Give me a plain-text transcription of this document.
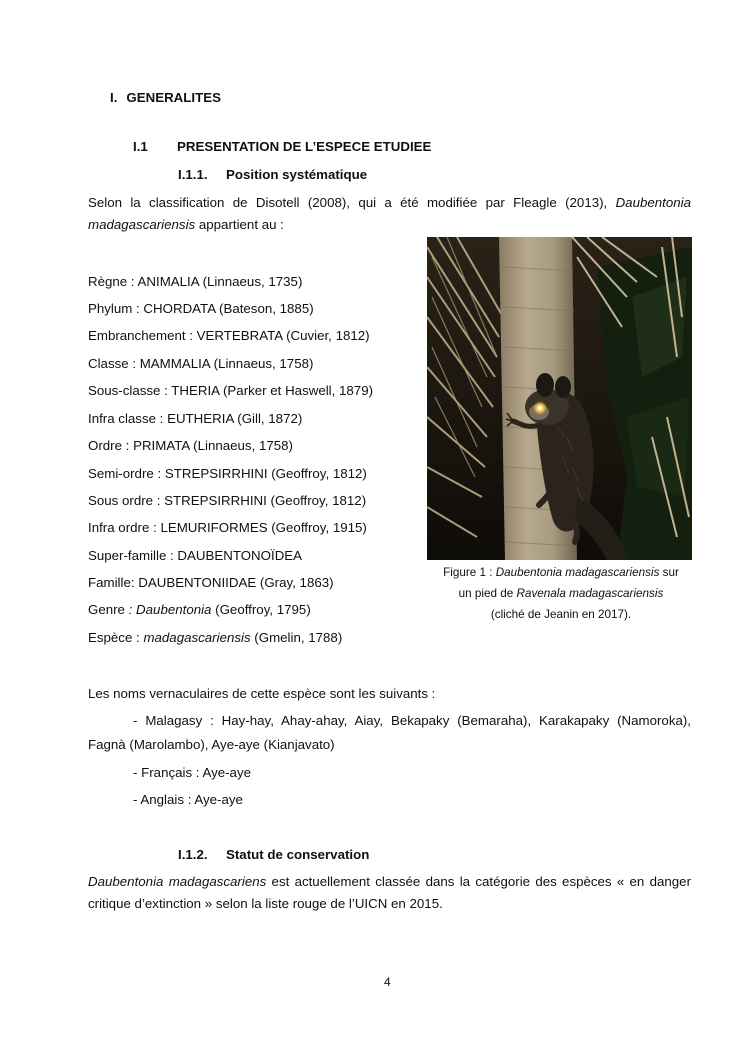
I. GENERALITES
I.1 PRESENTATION DE L’ESPECE ETUDIEE
I.1.1. Position systématique
Selon la classification de Disotell (2008), qui a été modifiée par Fleagle (2013), Daubentonia madagascariensis appartient au :
Règne : ANIMALIA (Linnaeus, 1735)
Phylum : CHORDATA (Bateson, 1885)
Embranchement : VERTEBRATA (Cuvier, 1812)
Classe : MAMMALIA (Linnaeus, 1758)
Sous-classe : THERIA (Parker et Haswell, 1879)
Infra classe : EUTHERIA (Gill, 1872)
Ordre : PRIMATA (Linnaeus, 1758)
Semi-ordre : STREPSIRRHINI (Geoffroy, 1812)
Sous ordre : STREPSIRRHINI (Geoffroy, 1812)
Infra ordre : LEMURIFORMES (Geoffroy, 1915)
Super-famille : DAUBENTONOÏDEA
Famille: DAUBENTONIIDAE (Gray, 1863)
Genre : Daubentonia (Geoffroy, 1795)
Espèce : madagascariensis (Gmelin, 1788)
Figure 1 : Daubentonia madagascariensis sur
un pied de Ravenala madagascariensis
(cliché de Jeanin en 2017).
Les noms vernaculaires de cette espèce sont les suivants :
- Malagasy : Hay-hay, Ahay-ahay, Aiay, Bekapaky (Bemaraha), Karakapaky (Namoroka),
Fagnà (Marolambo), Aye-aye (Kianjavato)
- Français : Aye-aye
- Anglais : Aye-aye
I.1.2. Statut de conservation
Daubentonia madagascariens est actuellement classée dans la catégorie des espèces « en danger critique d’extinction » selon la liste rouge de l’UICN en 2015.
4
